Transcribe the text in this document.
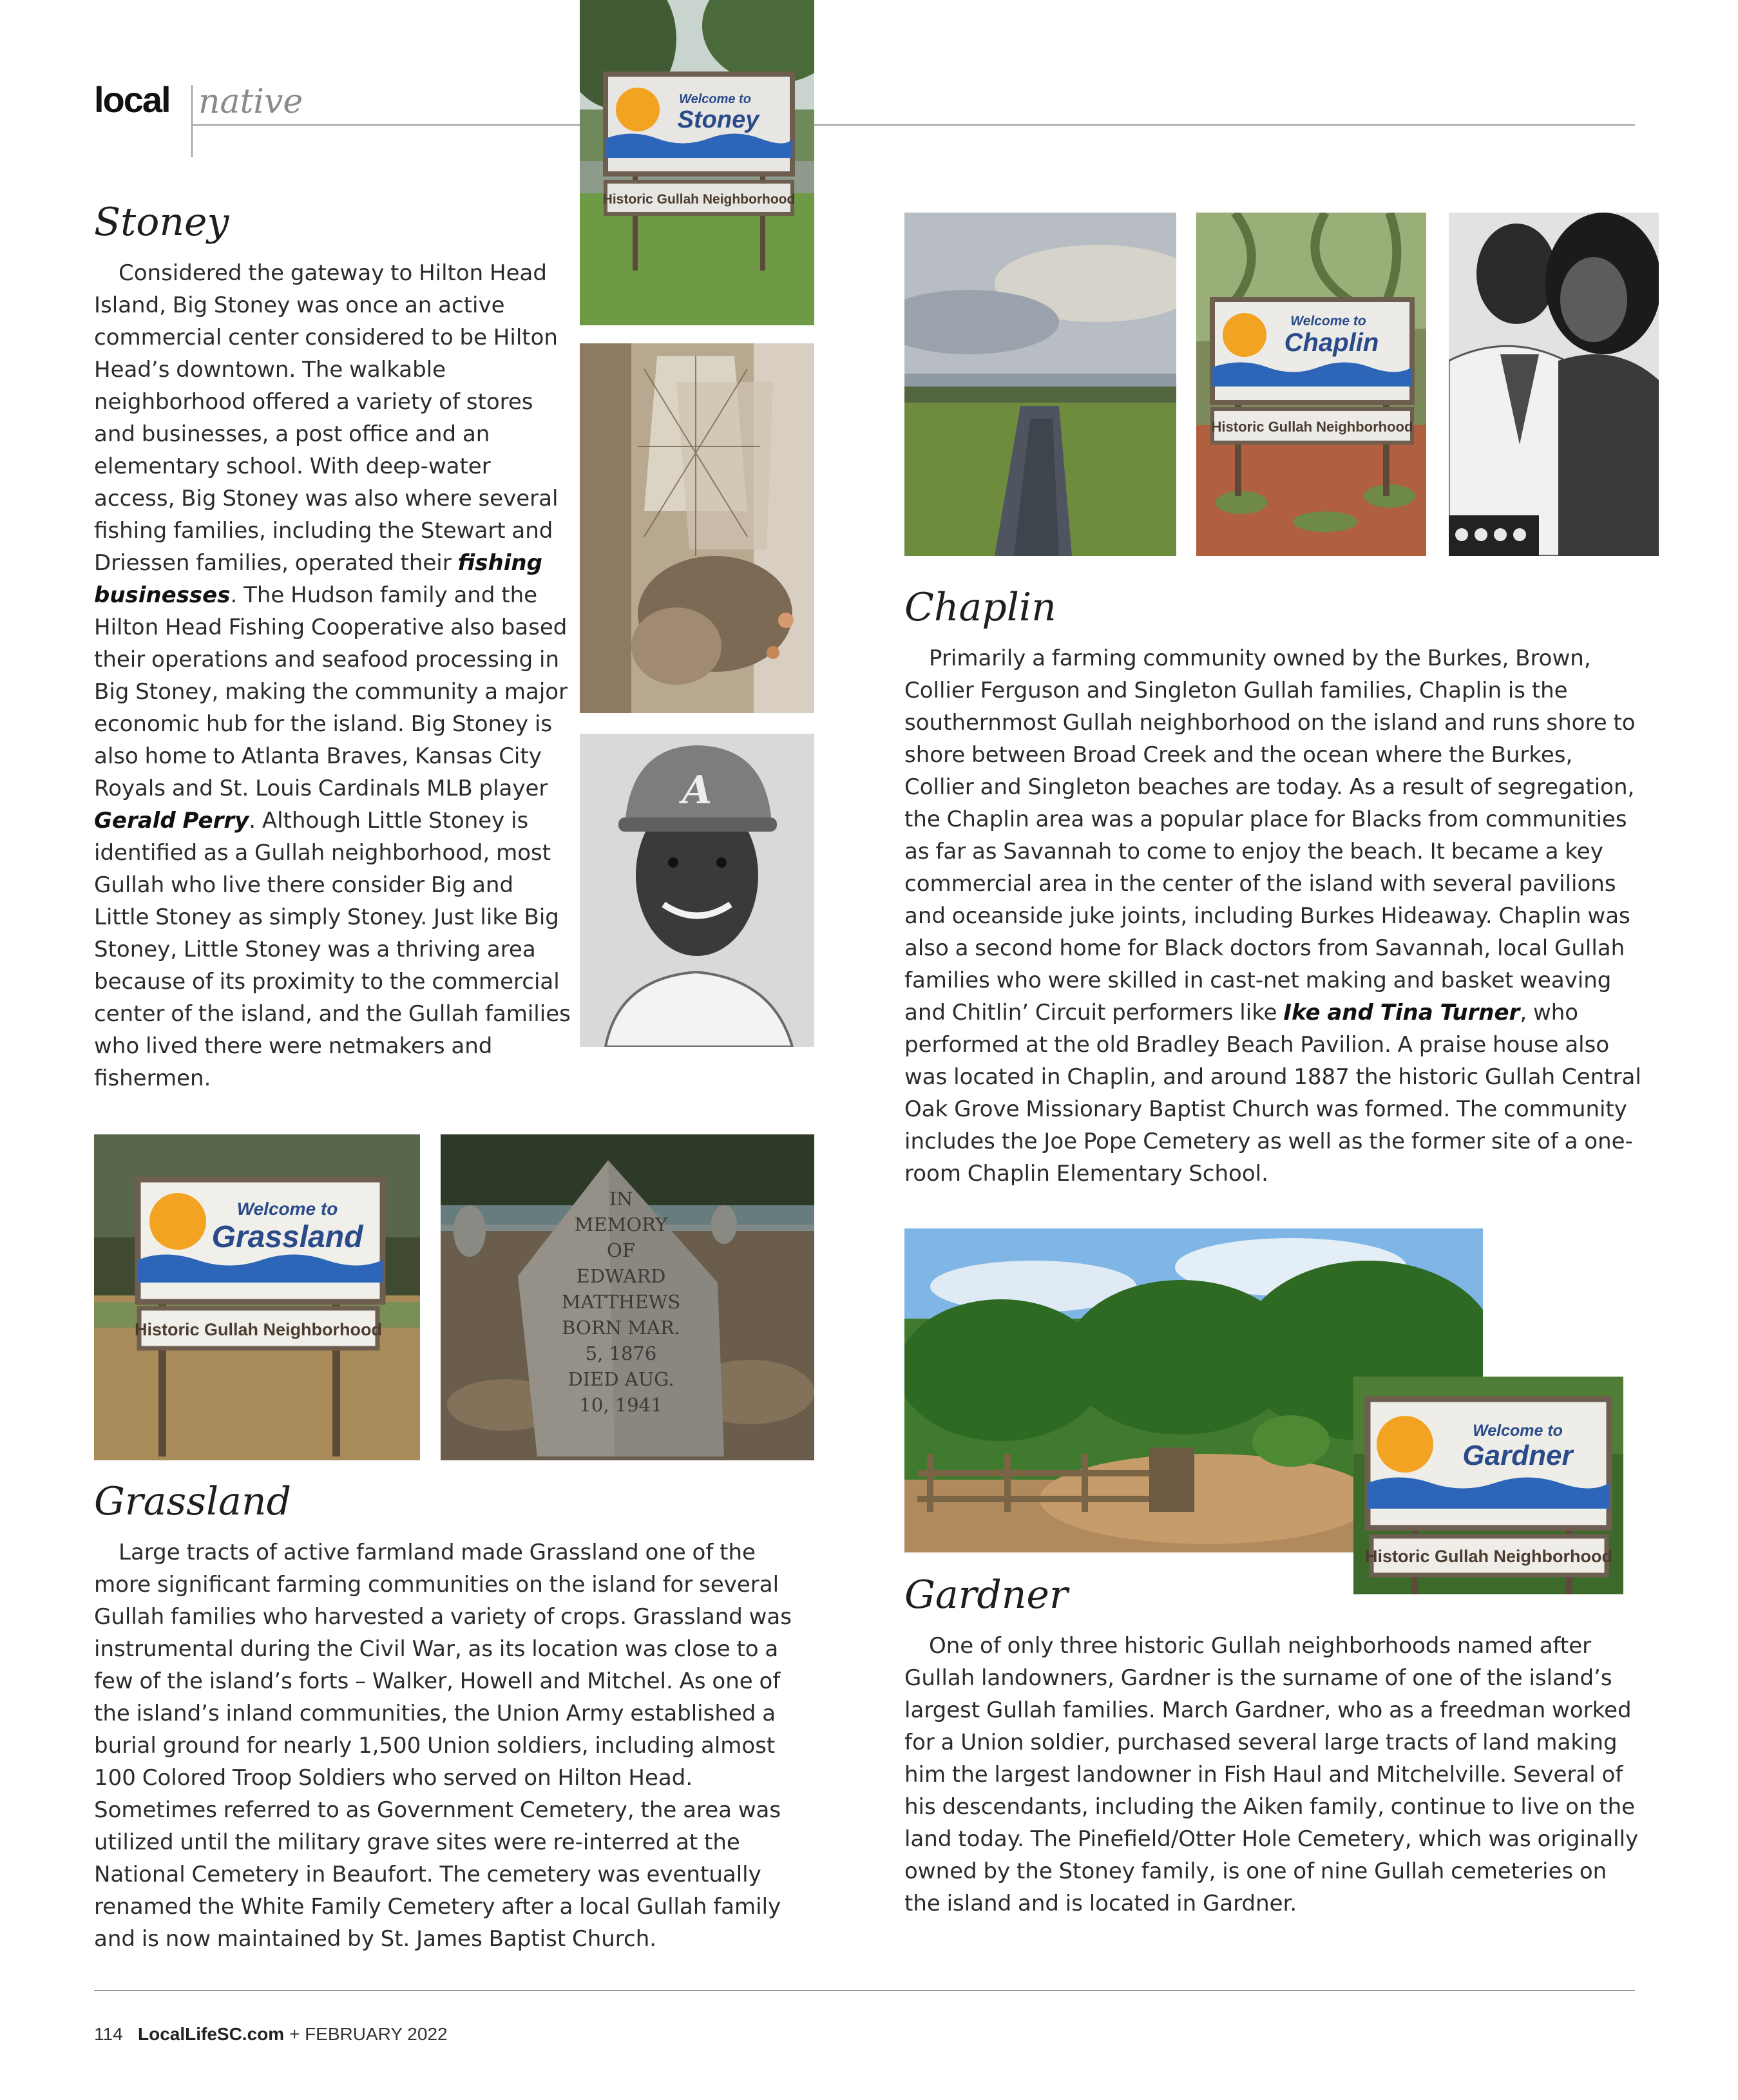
local native	Welcome to
Stoney
Historic Gullah Neighborhood
A
Stoney

Considered the gateway to Hilton Head Island, Big Stoney was once an active commercial center considered to be Hilton Head’s downtown. The walkable neighborhood offered a variety of stores and businesses, a post office and an elementary school. With deep-water access, Big Stoney was also where several fishing families, including the Stewart and Driessen families, operated their fishing businesses. The Hudson family and the Hilton Head Fishing Cooperative also based their operations and seafood processing in Big Stoney, making the community a major economic hub for the island. Big Stoney is also home to Atlanta Braves, Kansas City Royals and St. Louis Cardinals MLB player Gerald Perry. Although Little Stoney is identified as a Gullah neighborhood, most Gullah who live there consider Big and Little Stoney as simply Stoney. Just like Big Stoney, Little Stoney was a thriving area because of its proximity to the commercial center of the island, and the Gullah families who lived there were netmakers and fishermen.

Welcome to
Chaplin
Historic Gullah Neighborhood
Chaplin

Primarily a farming community owned by the Burkes, Brown, Collier Ferguson and Singleton Gullah families, Chaplin is the southernmost Gullah neighborhood on the island and runs shore to shore between Broad Creek and the ocean where the Burkes, Collier and Singleton beaches are today. As a result of segregation, the Chaplin area was a popular place for Blacks from communities as far as Savannah to come to enjoy the beach. It became a key commercial area in the center of the island with several pavilions and oceanside juke joints, including Burkes Hideaway. Chaplin was also a second home for Black doctors from Savannah, local Gullah families who were skilled in cast-net making and basket weaving and Chitlin’ Circuit performers like Ike and Tina Turner, who performed at the old Bradley Beach Pavilion. A praise house also was located in Chaplin, and around 1887 the historic Gullah Central Oak Grove Missionary Baptist Church was formed. The community includes the Joe Pope Cemetery as well as the former site of a one-room Chaplin Elementary School.

Welcome to
Grassland
Historic Gullah Neighborhood
IN
MEMORY
OF
EDWARD
MATTHEWS
BORN MAR.
5, 1876
DIED AUG.
10, 1941
Grassland

Large tracts of active farmland made Grassland one of the more significant farming communities on the island for several Gullah families who harvested a variety of crops. Grassland was instrumental during the Civil War, as its location was close to a few of the island’s forts – Walker, Howell and Mitchel. As one of the island’s inland communities, the Union Army established a burial ground for nearly 1,500 Union soldiers, including almost 100 Colored Troop Soldiers who served on Hilton Head. Sometimes referred to as Government Cemetery, the area was utilized until the military grave sites were re-interred at the National Cemetery in Beaufort. The cemetery was eventually renamed the White Family Cemetery after a local Gullah family and is now maintained by St. James Baptist Church.

Welcome to
Gardner
Historic Gullah Neighborhood
Gardner

One of only three historic Gullah neighborhoods named after Gullah landowners, Gardner is the surname of one of the island’s largest Gullah families. March Gardner, who as a freedman worked for a Union soldier, purchased several large tracts of land making him the largest landowner in Fish Haul and Mitchelville. Several of his descendants, including the Aiken family, continue to live on the land today. The Pinefield/Otter Hole Cemetery, which was originally owned by the Stoney family, is one of nine Gullah cemeteries on the island and is located in Gardner.

114 LocalLifeSC.com + FEBRUARY 2022
